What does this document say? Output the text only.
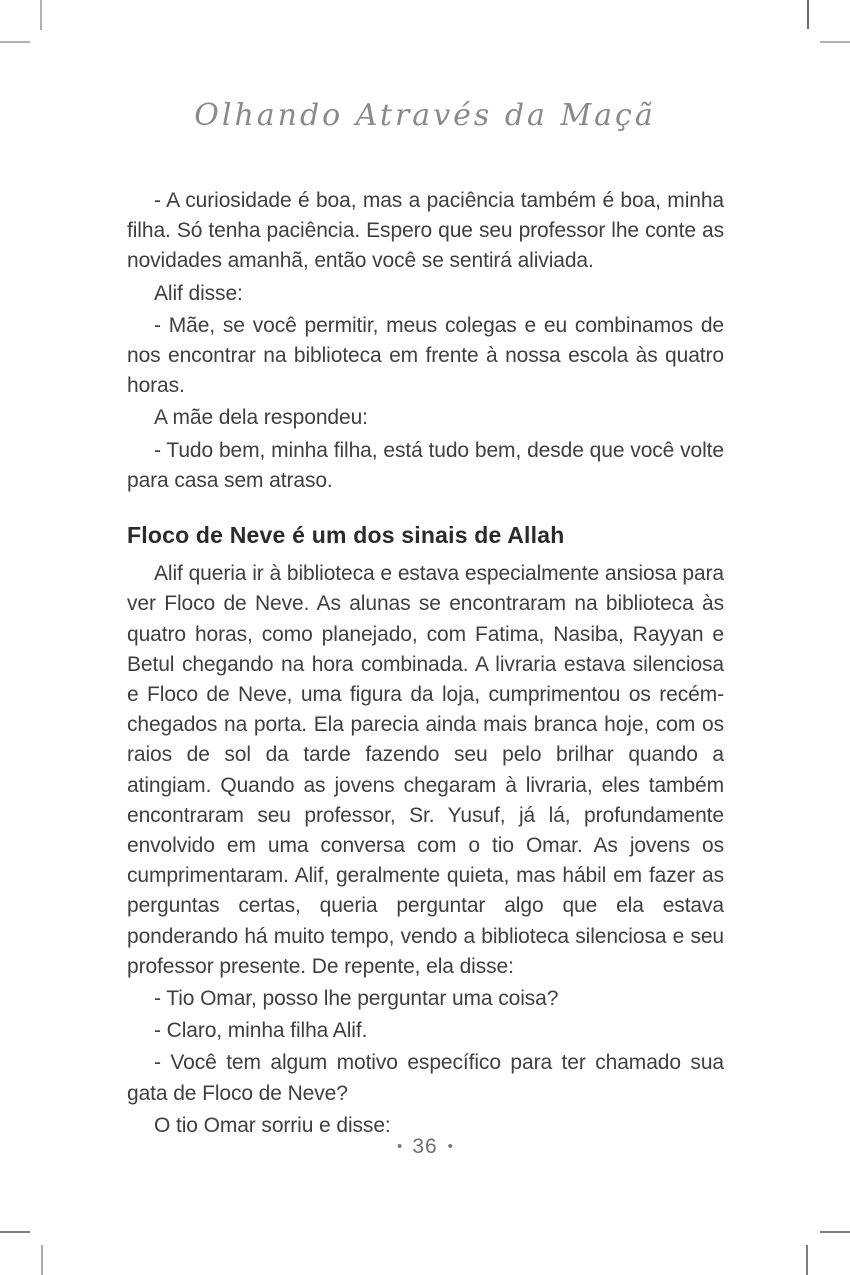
Olhando Através da Maçã

- A curiosidade é boa, mas a paciência também é boa, minha filha. Só tenha paciência. Espero que seu professor lhe conte as novidades amanhã, então você se sentirá aliviada.

Alif disse:

- Mãe, se você permitir, meus colegas e eu combinamos de nos encontrar na biblioteca em frente à nossa escola às quatro horas.

A mãe dela respondeu:

- Tudo bem, minha filha, está tudo bem, desde que você volte para casa sem atraso.

Floco de Neve é um dos sinais de Allah

Alif queria ir à biblioteca e estava especialmente ansiosa para ver Floco de Neve. As alunas se encontraram na biblioteca às quatro horas, como planejado, com Fatima, Nasiba, Rayyan e Betul chegando na hora combinada. A livraria estava silenciosa e Floco de Neve, uma figura da loja, cumprimentou os recém-chegados na porta. Ela parecia ainda mais branca hoje, com os raios de sol da tarde fazendo seu pelo brilhar quando a atingiam. Quando as jovens chegaram à livraria, eles também encontraram seu professor, Sr. Yusuf, já lá, profundamente envolvido em uma conversa com o tio Omar. As jovens os cumprimentaram. Alif, geralmente quieta, mas hábil em fazer as perguntas certas, queria perguntar algo que ela estava ponderando há muito tempo, vendo a biblioteca silenciosa e seu professor presente. De repente, ela disse:

- Tio Omar, posso lhe perguntar uma coisa?

- Claro, minha filha Alif.

- Você tem algum motivo específico para ter chamado sua gata de Floco de Neve?

O tio Omar sorriu e disse:

• 36 •
